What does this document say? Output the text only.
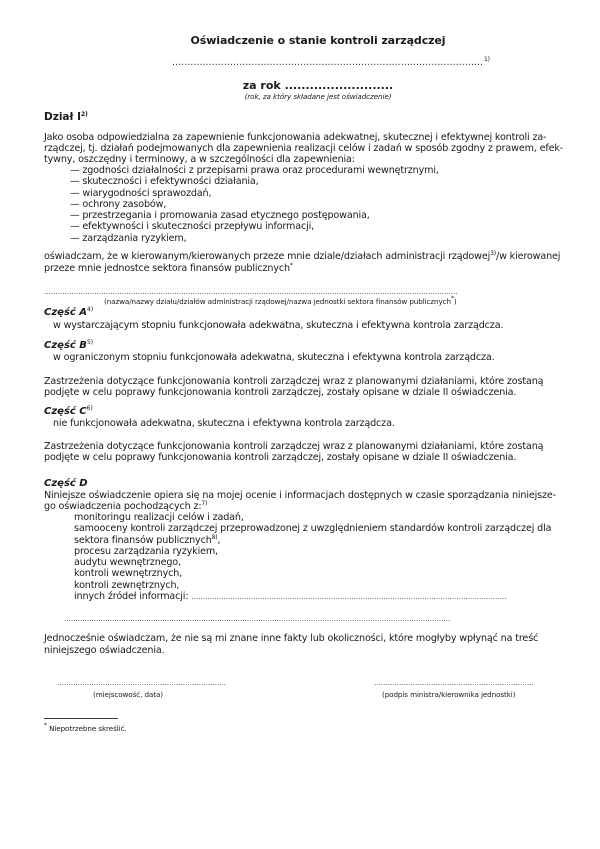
Oświadczenie o stanie kontroli zarządczej
......................................................................................................$^{1)}$
za rok ..........................
(rok, za który składane jest oświadczenie)
Dział $I^{2)}$
Jako osoba odpowiedzialna za zapewnienie funkcjonowania adekwatnej, skutecznej i efektywnej kontroli za-
rządczej, tj. działań podejmowanych dla zapewnienia realizacji celów i zadań w sposób zgodny z prawem, efek-
tywny, oszczędny i terminowy, a w szczególności dla zapewnienia:
— zgodności działalności z przepisami prawa oraz procedurami wewnętrznymi,
— skuteczności i efektywności działania,
— wiarygodności sprawozdań,
— ochrony zasobów,
— przestrzegania i promowania zasad etycznego postępowania,
— efektywności i skuteczności przepływu informacji,
— zarządzania ryzykiem,
oświadczam, że w kierowanym/kierowanych przeze mnie dziale/działach administracji rządowej$^{3)}$/w kierowanej
przeze mnie jednostce sektora finansów publicznych*
.....................................................................................................................................................................................
(nazwa/nazwy działu/działów administracji rządowej/nazwa jednostki sektora finansów publicznych*)
Część $A^{4)}$
w wystarczającym stopniu funkcjonowała adekwatna, skuteczna i efektywna kontrola zarządcza.
Część $B^{5)}$
w ograniczonym stopniu funkcjonowała adekwatna, skuteczna i efektywna kontrola zarządcza.
Zastrzeżenia dotyczące funkcjonowania kontroli zarządczej wraz z planowanymi działaniami, które zostaną
podjęte w celu poprawy funkcjonowania kontroli zarządczej, zostały opisane w dziale II oświadczenia.
Część $C^{6)}$
nie funkcjonowała adekwatna, skuteczna i efektywna kontrola zarządcza.
Zastrzeżenia dotyczące funkcjonowania kontroli zarządczej wraz z planowanymi działaniami, które zostaną
podjęte w celu poprawy funkcjonowania kontroli zarządczej, zostały opisane w dziale II oświadczenia.
Część D
Niniejsze oświadczenie opiera się na mojej ocenie i informacjach dostępnych w czasie sporządzania niniejsze-
go oświadczenia pochodzących z:$^{7)}$
monitoringu realizacji celów i zadań,
samooceny kontroli zarządczej przeprowadzonej z uwzględnieniem standardów kontroli zarządczej dla
sektora finansów publicznych$^{8)}$,
procesu zarządzania ryzykiem,
audytu wewnętrznego,
kontroli wewnętrznych,
kontroli zewnętrznych,
innych źródeł informacji: ..........................................................................................................................................
.........................................................................................................................................................................
Jednocześnie oświadczam, że nie są mi znane inne fakty lub okoliczności, które mogłyby wpłynąć na treść
niniejszego oświadczenia.
..........................................................................
(miejscowość, data)
......................................................................
(podpis ministra/kierownika jednostki)
* Niepotrzebne skreślić.
